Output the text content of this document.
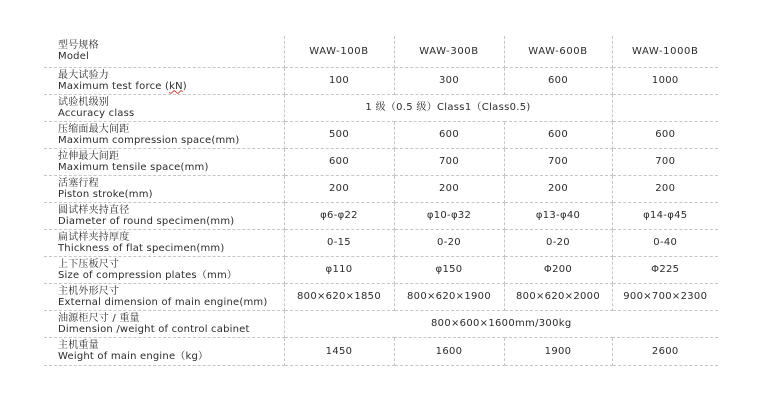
型号规格
Model	WAW-100B	WAW-300B	WAW-600B	WAW-1000B

最大试验力
Maximum test force (kN)	100	300	600	1000

试验机级别
Accuracy class	1 级（0.5 级）Class1（Class0.5)			

压缩面最大间距
Maximum compression space(mm)	500	600	600	600

拉伸最大间距
Maximum tensile space(mm)	600	700	700	700

活塞行程
Piston stroke(mm)	200	200	200	200

圆试样夹持直径
Diameter of round specimen(mm)	φ6-φ22	φ10-φ32	φ13-φ40	φ14-φ45

扁试样夹持厚度
Thickness of flat specimen(mm)	0-15	0-20	0-20	0-40

上下压板尺寸
Size of compression plates（mm）	φ110	φ150	Φ200	Φ225

主机外形尺寸
External dimension of main engine(mm)	800×620×1850	800×620×1900	800×620×2000	900×700×2300

油源柜尺寸 / 重量
Dimension /weight of control cabinet	800×600×1600mm/300kg			

主机重量
Weight of main engine（kg）	1450	1600	1900	2600
